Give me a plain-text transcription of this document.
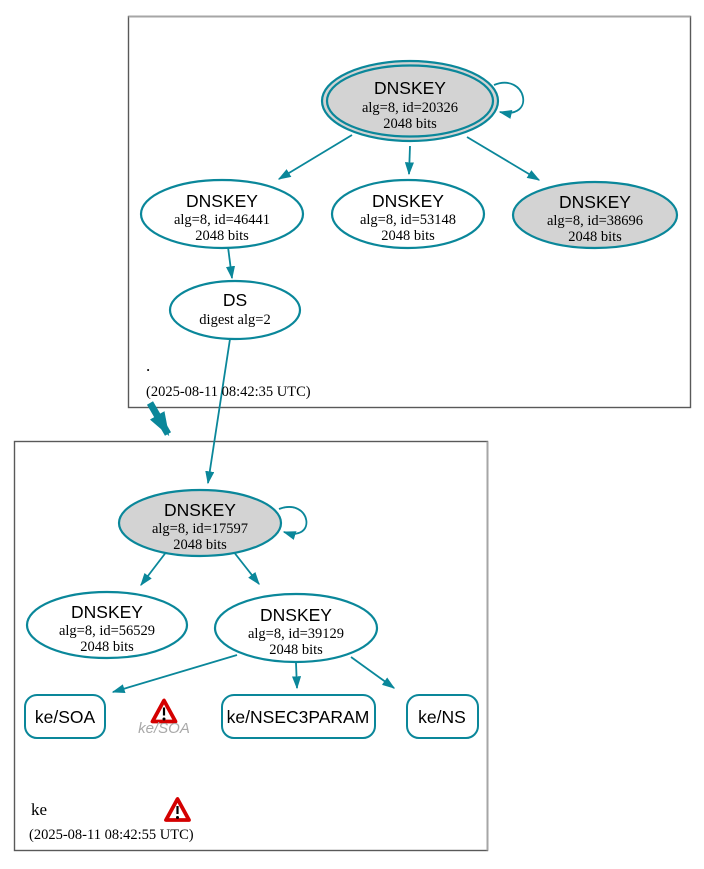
DNSKEY
alg=8, id=20326
2048 bits
DNSKEY
alg=8, id=46441
2048 bits
DNSKEY
alg=8, id=53148
2048 bits
DNSKEY
alg=8, id=38696
2048 bits
DS
digest alg=2
.
(2025-08-11 08:42:35 UTC)
DNSKEY
alg=8, id=17597
2048 bits
DNSKEY
alg=8, id=56529
2048 bits
DNSKEY
alg=8, id=39129
2048 bits
ke/SOA
ke/SOA
ke/NSEC3PARAM	ke/NS
ke
(2025-08-11 08:42:55 UTC)
